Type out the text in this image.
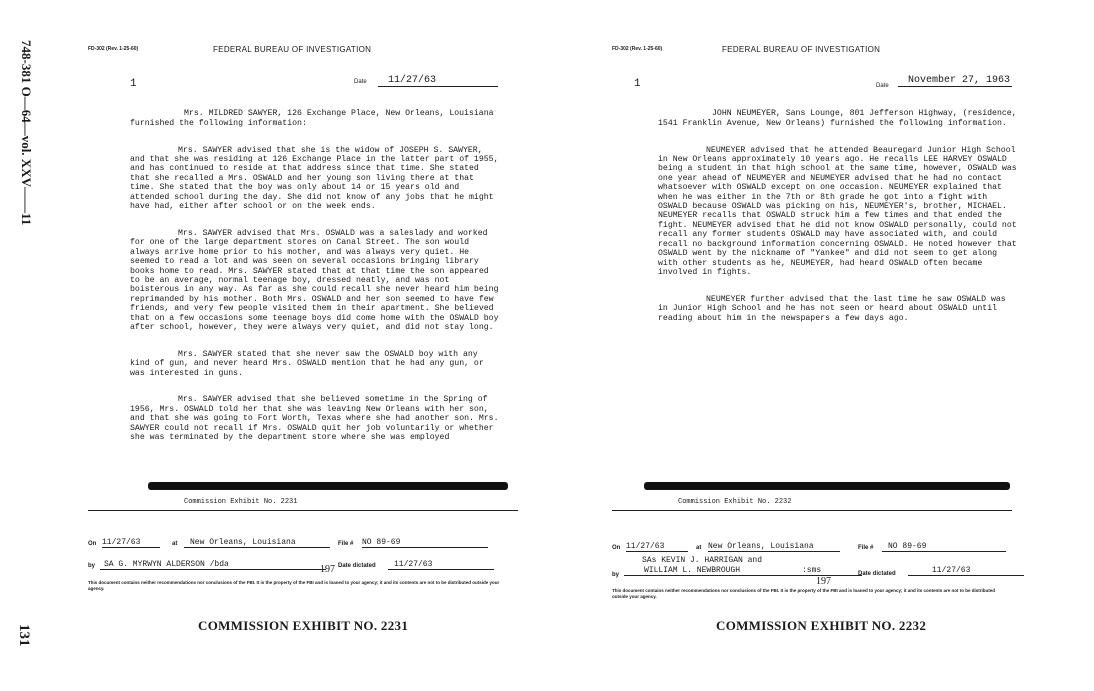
748-381 O—64—vol. XXV——11
131
FD-302 (Rev. 1-25-60)	FEDERAL BUREAU OF INVESTIGATION
1	Date	11/27/63

Mrs. MILDRED SAWYER, 126 Exchange Place, New Orleans, Louisiana furnished the following information:

Mrs. SAWYER advised that she is the widow of JOSEPH S. SAWYER, and that she was residing at 126 Exchange Place in the latter part of 1955, and has continued to reside at that address since that time. She stated that she recalled a Mrs. OSWALD and her young son living there at that time. She stated that the boy was only about 14 or 15 years old and attended school during the day. She did not know of any jobs that he might have had, either after school or on the week ends.

Mrs. SAWYER advised that Mrs. OSWALD was a saleslady and worked for one of the large department stores on Canal Street. The son would always arrive home prior to his mother, and was always very quiet. He seemed to read a lot and was seen on several occasions bringing library books home to read. Mrs. SAWYER stated that at that time the son appeared to be an average, normal teenage boy, dressed neatly, and was not boisterous in any way. As far as she could recall she never heard him being reprimanded by his mother. Both Mrs. OSWALD and her son seemed to have few friends, and very few people visited them in their apartment. She believed that on a few occasions some teenage boys did come home with the OSWALD boy after school, however, they were always very quiet, and did not stay long.

Mrs. SAWYER stated that she never saw the OSWALD boy with any kind of gun, and never heard Mrs. OSWALD mention that he had any gun, or was interested in guns.

Mrs. SAWYER advised that she believed sometime in the Spring of 1956, Mrs. OSWALD told her that she was leaving New Orleans with her son, and that she was going to Fort Worth, Texas where she had another son. Mrs. SAWYER could not recall if Mrs. OSWALD quit her job voluntarily or whether she was terminated by the department store where she was employed

Commission Exhibit No. 2231
On 11/27/63	at	New Orleans, Louisiana	File # NO 89-69
by	SA G. MYRWYN ALDERSON /bda	Date dictated	11/27/63
197
This document contains neither recommendations nor conclusions of the FBI. It is the property of the FBI and is loaned to your agency; it and its contents are not to be distributed outside your agency.
COMMISSION EXHIBIT NO. 2231
FD-302 (Rev. 1-25-60)	FEDERAL BUREAU OF INVESTIGATION
1	Date	November 27, 1963

JOHN NEUMEYER, Sans Lounge, 801 Jefferson Highway, (residence, 1541 Franklin Avenue, New Orleans) furnished the following information.

NEUMEYER advised that he attended Beauregard Junior High School in New Orleans approximately 10 years ago. He recalls LEE HARVEY OSWALD being a student in that high school at the same time, however, OSWALD was one year ahead of NEUMEYER and NEUMEYER advised that he had no contact whatsoever with OSWALD except on one occasion. NEUMEYER explained that when he was either in the 7th or 8th grade he got into a fight with OSWALD because OSWALD was picking on his, NEUMEYER's, brother, MICHAEL. NEUMEYER recalls that OSWALD struck him a few times and that ended the fight. NEUMEYER advised that he did not know OSWALD personally, could not recall any former students OSWALD may have associated with, and could recall no background information concerning OSWALD. He noted however that OSWALD went by the nickname of "Yankee" and did not seem to get along with other students as he, NEUMEYER, had heard OSWALD often became involved in fights.

NEUMEYER further advised that the last time he saw OSWALD was in Junior High School and he has not seen or heard about OSWALD until reading about him in the newspapers a few days ago.

Commission Exhibit No. 2232
On 11/27/63	at New Orleans, Louisiana	File #	NO 89-69
SAs KEVIN J. HARRIGAN and
by	WILLIAM L. NEWBROUGH	:sms	Date dictated	11/27/63
197
This document contains neither recommendations nor conclusions of the FBI. It is the property of the FBI and is loaned to your agency; it and its contents are not to be distributed outside your agency.
COMMISSION EXHIBIT NO. 2232
